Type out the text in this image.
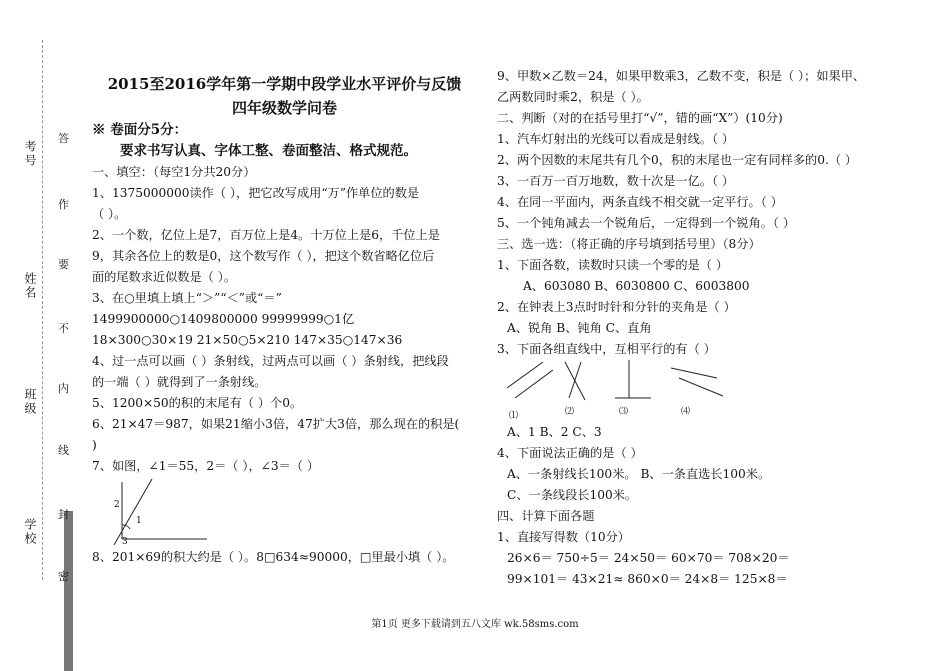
考号
姓名
班级
学校
答
作
要
不
内
线
封
密
2015至2016学年第一学期中段学业水平评价与反馈
四年级数学问卷
※ 卷面分5分：
要求书写认真、字体工整、卷面整洁、格式规范。
一、填空：（每空1分共20分）
1、1375000000读作（ ），把它改写成用“万”作单位的数是
（ ）。
2、一个数，亿位上是7，百万位上是4。十万位上是6，千位上是
9，其余各位上的数是0，这个数写作（ ），把这个数省略亿位后
面的尾数求近似数是（ ）。
3、在○里填上填上“＞”“＜”或“＝”
1499900000○1409800000 99999999○1亿
18×300○30×19 21×50○5×210 147×35○147×36
4、过一点可以画（ ）条射线，过两点可以画（ ）条射线，把线段
的一端（ ）就得到了一条射线。
5、1200×50的积的末尾有（ ）个0。
6、21×47＝987，如果21缩小3倍，47扩大3倍，那么现在的积是(
)
7、如图，∠1＝55，2＝（ ），∠3＝（ ）
2
1
3
8、201×69的积大约是（ ）。8□634≈90000，□里最小填（ ）。
9、甲数×乙数＝24，如果甲数乘3，乙数不变，积是（ ）；如果甲、
乙两数同时乘2，积是（ ）。
二、判断（对的在括号里打“√”，错的画“X”）(10分)
1、汽车灯射出的光线可以看成是射线。（ ）
2、两个因数的末尾共有几个0，积的末尾也一定有同样多的0.（ ）
3、一百万一百万地数，数十次是一亿。（ ）
4、在同一平面内，两条直线不相交就一定平行。（ ）
5、一个钝角减去一个锐角后，一定得到一个锐角。（ ）
三、选一选：（将正确的序号填到括号里）（8分）
1、下面各数，读数时只读一个零的是（ ）
A、603080 B、6030800 C、6003800
2、在钟表上3点时时针和分针的夹角是（ ）
A、锐角 B、钝角 C、直角
3、下面各组直线中，互相平行的有（ ）
⑴	⑵	⑶	⑷
A、1 B、2 C、3
4、下面说法正确的是（ ）
A、一条射线长100米。 B、一条直选长100米。
C、一条线段长100米。
四、计算下面各题
1、直接写得数（10分）
26×6＝ 750÷5＝ 24×50＝ 60×70＝ 708×20＝
99×101＝ 43×21≈ 860×0＝ 24×8＝ 125×8＝
第1页 更多下载请到五八文库 wk.58sms.com
